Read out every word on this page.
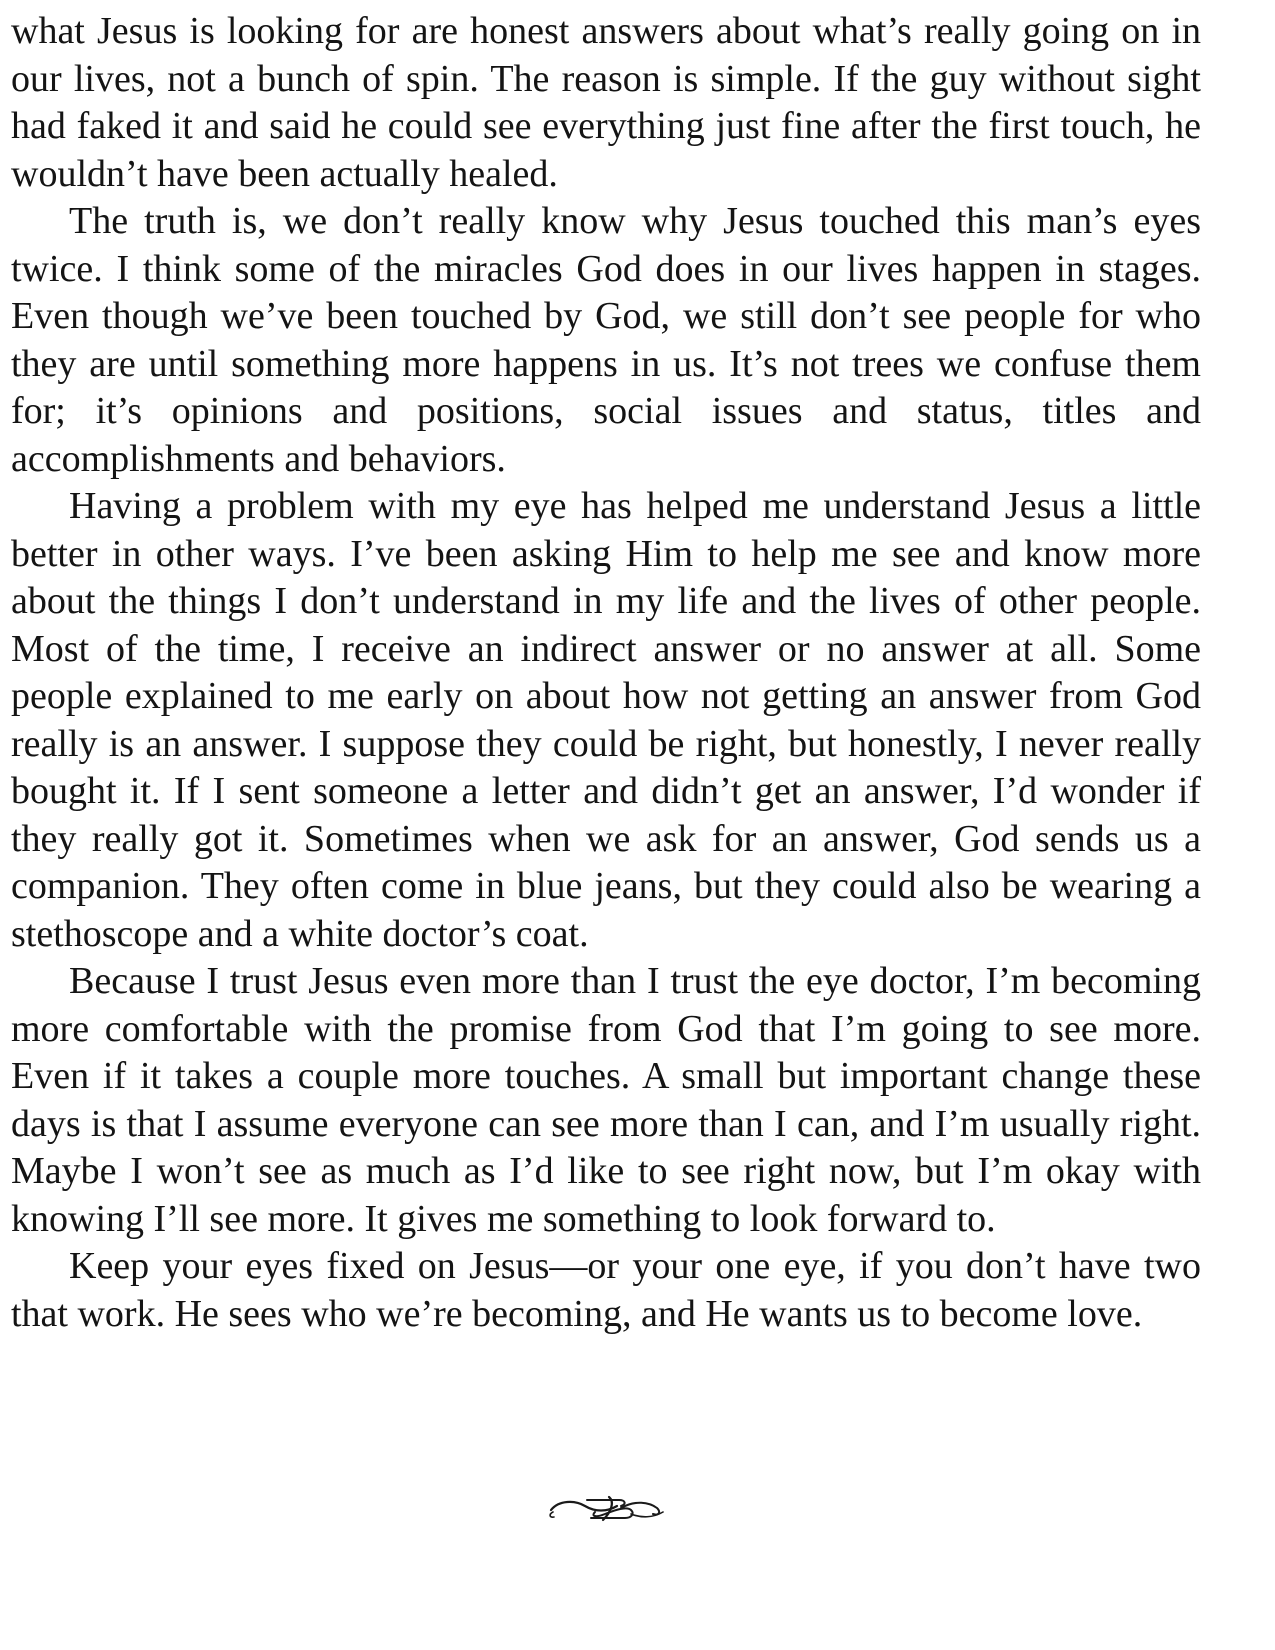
what Jesus is looking for are honest answers about what’s really going on in our lives, not a bunch of spin. The reason is simple. If the guy without sight had faked it and said he could see everything just fine after the first touch, he wouldn’t have been actually healed.

The truth is, we don’t really know why Jesus touched this man’s eyes twice. I think some of the miracles God does in our lives happen in stages. Even though we’ve been touched by God, we still don’t see people for who they are until something more happens in us. It’s not trees we confuse them for; it’s opinions and positions, social issues and status, titles and accomplishments and behaviors.

Having a problem with my eye has helped me understand Jesus a little better in other ways. I’ve been asking Him to help me see and know more about the things I don’t understand in my life and the lives of other people. Most of the time, I receive an indirect answer or no answer at all. Some people explained to me early on about how not getting an answer from God really is an answer. I suppose they could be right, but honestly, I never really bought it. If I sent someone a letter and didn’t get an answer, I’d wonder if they really got it. Sometimes when we ask for an answer, God sends us a companion. They often come in blue jeans, but they could also be wearing a stethoscope and a white doctor’s coat.

Because I trust Jesus even more than I trust the eye doctor, I’m becoming more comfortable with the promise from God that I’m going to see more. Even if it takes a couple more touches. A small but important change these days is that I assume everyone can see more than I can, and I’m usually right. Maybe I won’t see as much as I’d like to see right now, but I’m okay with knowing I’ll see more. It gives me something to look forward to.

Keep your eyes fixed on Jesus—or your one eye, if you don’t have two that work. He sees who we’re becoming, and He wants us to become love.
